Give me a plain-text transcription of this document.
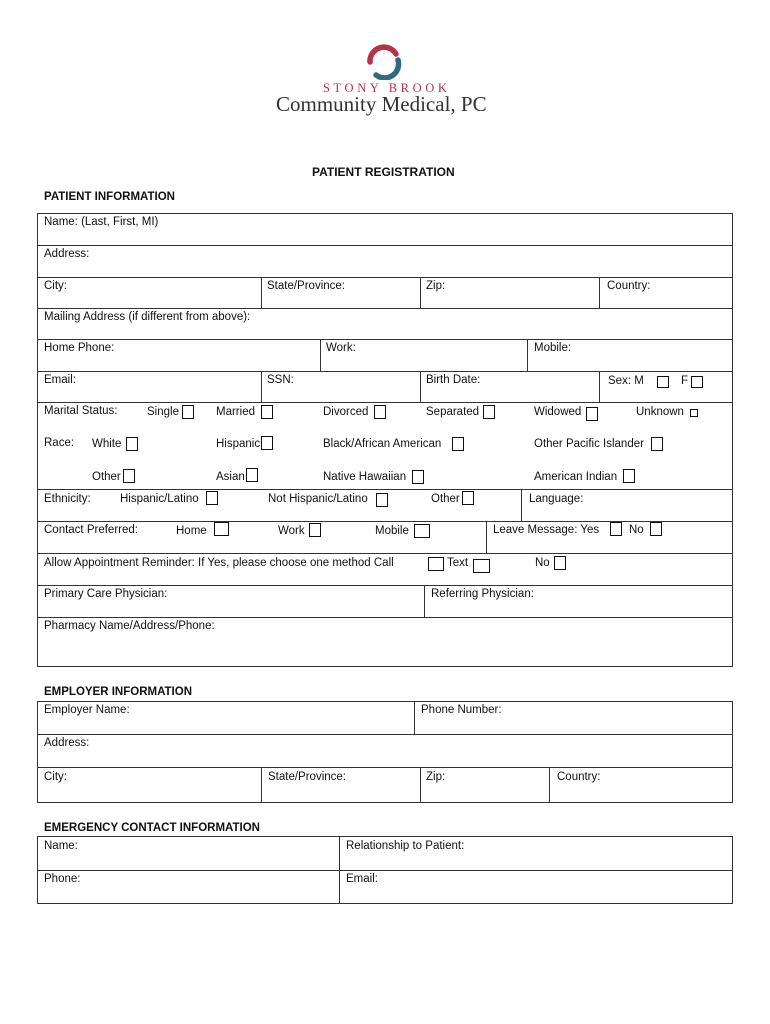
STONY BROOK
Community Medical, PC
PATIENT REGISTRATION
PATIENT INFORMATION
Name: (Last, First, MI)
Address:
City:	State/Province:	Zip:	Country:
Mailing Address (if different from above):
Home Phone:	Work:	Mobile:
Email:	SSN:	Birth Date:	Sex: M	F
Marital Status:	Single	Married	Divorced	Separated	Widowed	Unknown
Race: White	Hispanic	Black/African American	Other Pacific Islander
Other	Asian	Native Hawaiian	American Indian
Ethnicity:	Hispanic/Latino	Not Hispanic/Latino	Other	Language:
Contact Preferred:	Home	Work	Mobile	Leave Message: Yes	No
Allow Appointment Reminder: If Yes, please choose one method Call	Text	No
Primary Care Physician:	Referring Physician:
Pharmacy Name/Address/Phone:
EMPLOYER INFORMATION
Employer Name:	Phone Number:
Address:
City:	State/Province:	Zip:	Country:
EMERGENCY CONTACT INFORMATION
Name:	Relationship to Patient:
Phone:	Email:
